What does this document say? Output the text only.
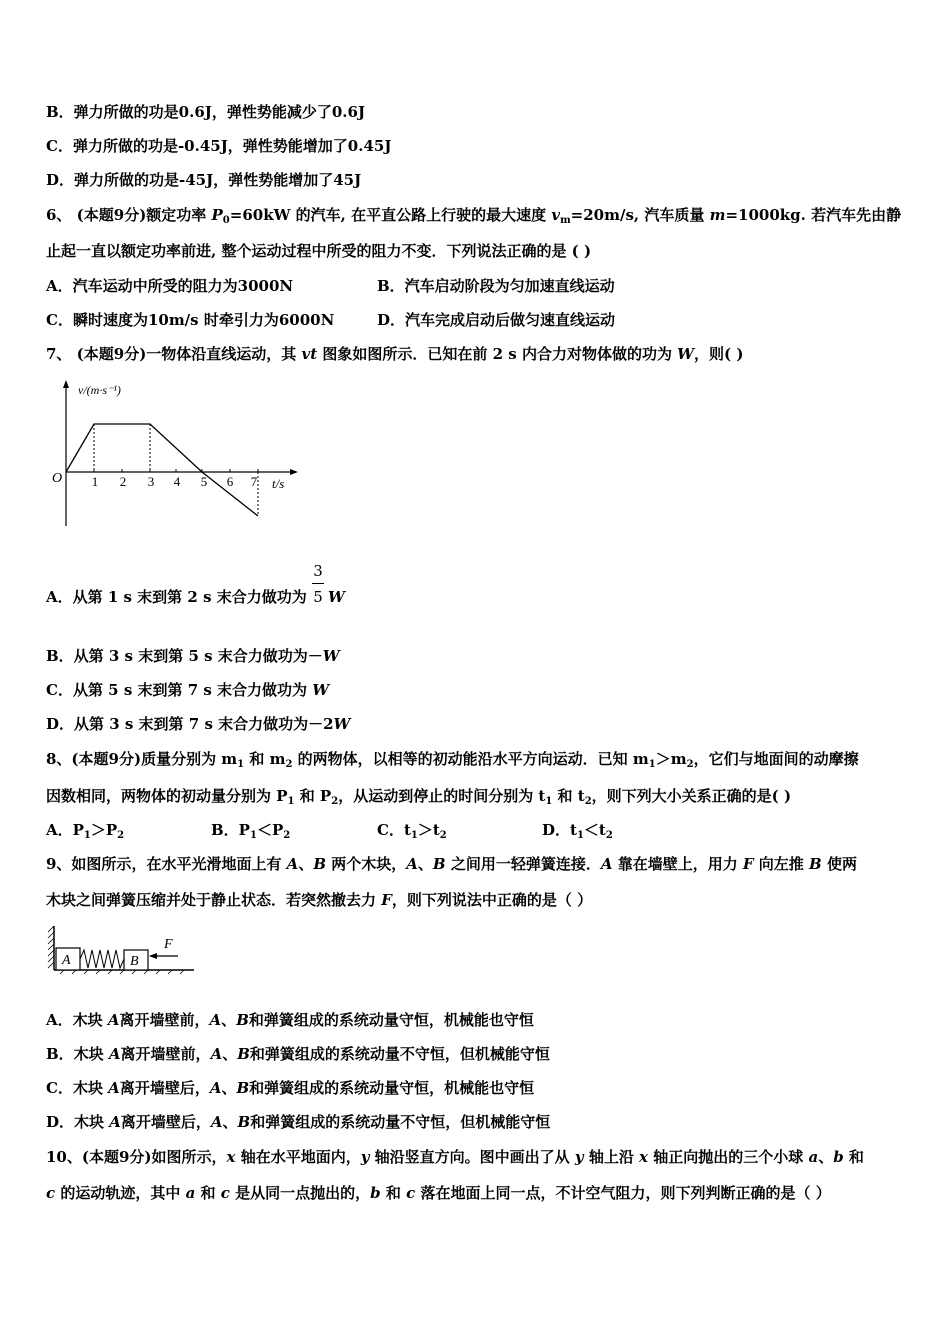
B．弹力所做的功是0.6J，弹性势能减少了0.6J
C．弹力所做的功是-0.45J，弹性势能增加了0.45J
D．弹力所做的功是-45J，弹性势能增加了45J
6、 (本题9分)额定功率 $P_0=60kW$ 的汽车, 在平直公路上行驶的最大速度 $v_m=20m/s$, 汽车质量 m=1000kg. 若汽车先由静
止起一直以额定功率前进, 整个运动过程中所受的阻力不变．下列说法正确的是 ( )
A．汽车运动中所受的阻力为3000N	B．汽车启动阶段为匀加速直线运动
C．瞬时速度为10m/s 时牵引力为6000N	D．汽车完成启动后做匀速直线运动
7、 (本题9分)一物体沿直线运动，其 vt 图象如图所示．已知在前 2 s 内合力对物体做的功为 W，则( )
v/(m·s⁻¹)
t/s
O 1 2 3 4 5 6 7
A．从第 1 s 末到第 2 s 末合力做功为 W
3
5
B．从第 3 s 末到第 5 s 末合力做功为－W
C．从第 5 s 末到第 7 s 末合力做功为 W
D．从第 3 s 末到第 7 s 末合力做功为－2W
8、(本题9分)质量分别为 $m_1$ 和 $m_2$ 的两物体，以相等的初动能沿水平方向运动．已知 $m_1>m_2$，它们与地面间的动摩擦
因数相同，两物体的初动量分别为 $P_1$ 和 $P_2$，从运动到停止的时间分别为 $t_1$ 和 $t_2$，则下列大小关系正确的是( )
A．$P_1>P_2$	B．$P_1<P_2$	C．$t_1>t_2$	D．$t_1<t_2$
9、如图所示，在水平光滑地面上有 A、B 两个木块，A、B 之间用一轻弹簧连接．A 靠在墙壁上，用力 F 向左推 B 使两
木块之间弹簧压缩并处于静止状态．若突然撤去力 F，则下列说法中正确的是（ ）
A	B
F
A．木块 A离开墙壁前，A、B和弹簧组成的系统动量守恒，机械能也守恒
B．木块 A离开墙壁前，A、B和弹簧组成的系统动量不守恒，但机械能守恒
C．木块 A离开墙壁后，A、B和弹簧组成的系统动量守恒，机械能也守恒
D．木块 A离开墙壁后，A、B和弹簧组成的系统动量不守恒，但机械能守恒
10、(本题9分)如图所示，x 轴在水平地面内，y 轴沿竖直方向。图中画出了从 y 轴上沿 x 轴正向抛出的三个小球 a、b 和
c 的运动轨迹，其中 a 和 c 是从同一点抛出的，b 和 c 落在地面上同一点，不计空气阻力，则下列判断正确的是（ ）
